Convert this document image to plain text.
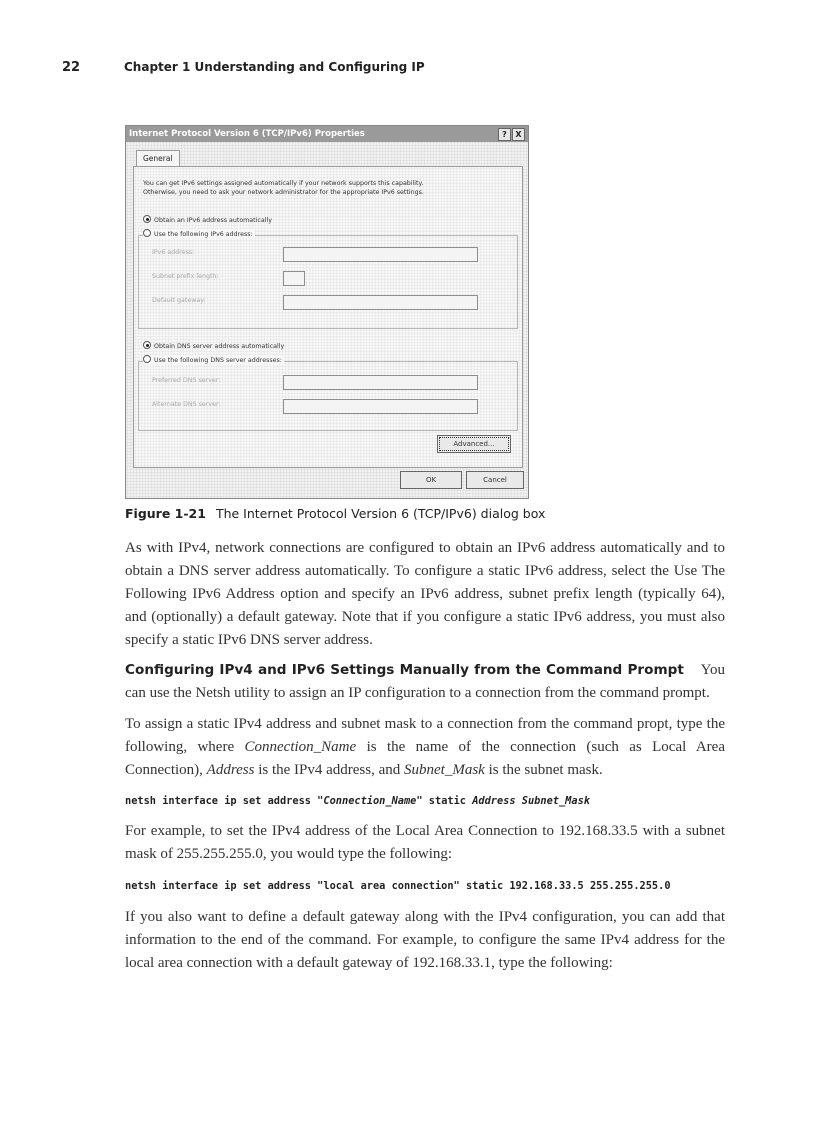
22	Chapter 1 Understanding and Configuring IP
Internet Protocol Version 6 (TCP/IPv6) Properties	?	X
General
You can get IPv6 settings assigned automatically if your network supports this capability.
Otherwise, you need to ask your network administrator for the appropriate IPv6 settings.
Obtain an IPv6 address automatically
Use the following IPv6 address:
IPv6 address:
Subnet prefix length:
Default gateway:
Obtain DNS server address automatically
Use the following DNS server addresses:
Preferred DNS server:
Alternate DNS server:
Advanced...
OK	Cancel
Figure 1-21 The Internet Protocol Version 6 (TCP/IPv6) dialog box

As with IPv4, network connections are configured to obtain an IPv6 address automatically and to obtain a DNS server address automatically. To configure a static IPv6 address, select the Use The Following IPv6 Address option and specify an IPv6 address, subnet prefix length (typically 64), and (optionally) a default gateway. Note that if you configure a static IPv6 address, you must also specify a static IPv6 DNS server address.

Configuring IPv4 and IPv6 Settings Manually from the Command Prompt You can use the Netsh utility to assign an IP configuration to a connection from the command prompt.

To assign a static IPv4 address and subnet mask to a connection from the command propt, type the following, where Connection_Name is the name of the connection (such as Local Area Connection), Address is the IPv4 address, and Subnet_Mask is the subnet mask.

netsh interface ip set address "Connection_Name" static Address Subnet_Mask

For example, to set the IPv4 address of the Local Area Connection to 192.168.33.5 with a subnet mask of 255.255.255.0, you would type the following:

netsh interface ip set address "local area connection" static 192.168.33.5 255.255.255.0

If you also want to define a default gateway along with the IPv4 configuration, you can add that information to the end of the command. For example, to configure the same IPv4 address for the local area connection with a default gateway of 192.168.33.1, type the following:
